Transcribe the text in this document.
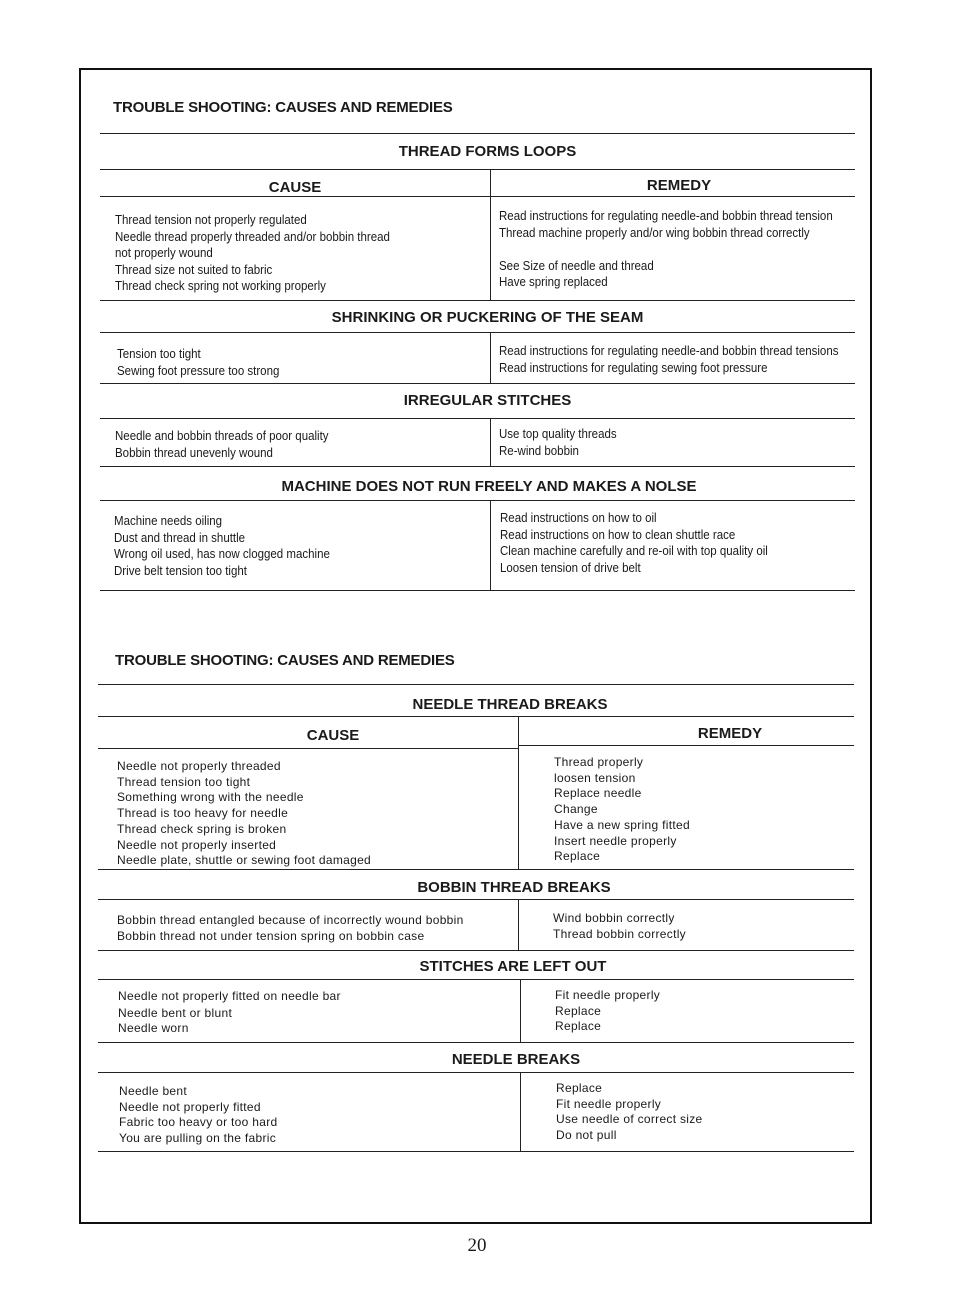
TROUBLE SHOOTING: CAUSES AND REMEDIES
THREAD FORMS LOOPS
CAUSE	REMEDY
Thread tension not properly regulated
Needle thread properly threaded and/or bobbin thread
not properly wound
Thread size not suited to fabric
Thread check spring not working properly
Read instructions for regulating needle-and bobbin thread tension
Thread machine properly and/or wing bobbin thread correctly
See Size of needle and thread
Have spring replaced
SHRINKING OR PUCKERING OF THE SEAM
Tension too tight
Sewing foot pressure too strong
Read instructions for regulating needle-and bobbin thread tensions
Read instructions for regulating sewing foot pressure
IRREGULAR STITCHES
Needle and bobbin threads of poor quality
Bobbin thread unevenly wound
Use top quality threads
Re-wind bobbin
MACHINE DOES NOT RUN FREELY AND MAKES A NOLSE
Machine needs oiling
Dust and thread in shuttle
Wrong oil used, has now clogged machine
Drive belt tension too tight
Read instructions on how to oil
Read instructions on how to clean shuttle race
Clean machine carefully and re-oil with top quality oil
Loosen tension of drive belt
TROUBLE SHOOTING: CAUSES AND REMEDIES
NEEDLE THREAD BREAKS
CAUSE	REMEDY
Needle not properly threaded
Thread tension too tight
Something wrong with the needle
Thread is too heavy for needle
Thread check spring is broken
Needle not properly inserted
Needle plate, shuttle or sewing foot damaged
Thread properly
loosen tension
Replace needle
Change
Have a new spring fitted
Insert needle properly
Replace
BOBBIN THREAD BREAKS
Bobbin thread entangled because of incorrectly wound bobbin
Bobbin thread not under tension spring on bobbin case
Wind bobbin correctly
Thread bobbin correctly
STITCHES ARE LEFT OUT
Needle not properly fitted on needle bar
Needle bent or blunt
Needle worn
Fit needle properly
Replace
Replace
NEEDLE BREAKS
Needle bent
Needle not properly fitted
Fabric too heavy or too hard
You are pulling on the fabric
Replace
Fit needle properly
Use needle of correct size
Do not pull
20
